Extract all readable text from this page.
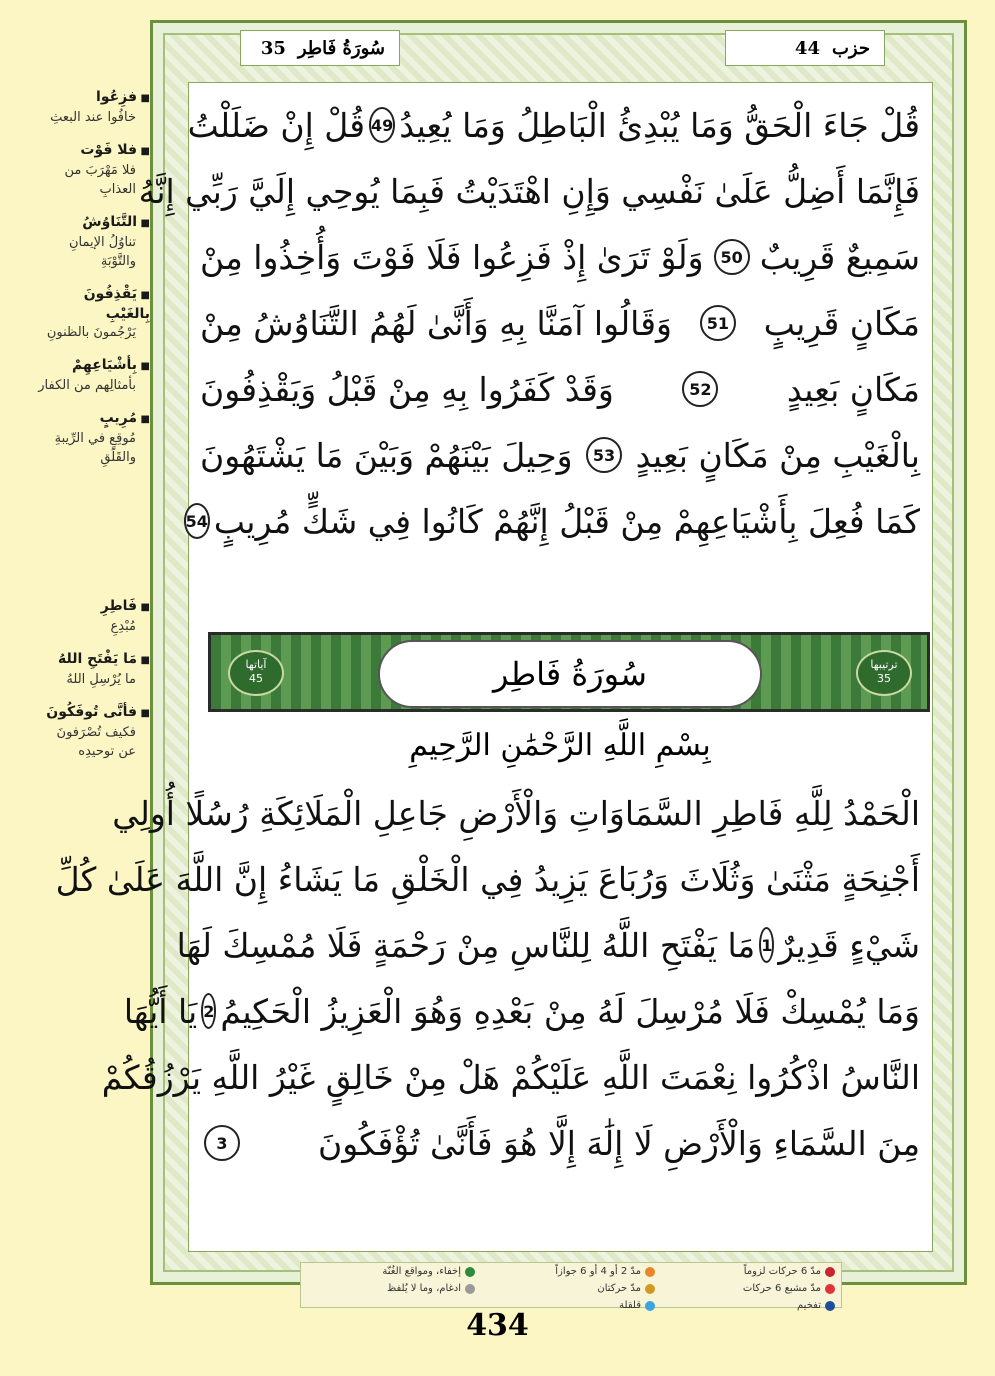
■ فزِعُوا
خافُوا عند البعثِ
■ فلا فَوْت
فلا مَهْرَبَ من العذابِ
■ التَّنَاوُشُ
تناوُلُ الإيمانِ والتَّوْبَةِ
■ يَقْذِفُونَ بِالغَيْبِ
يَرْجُمونَ بالظنونِ
■ بِأشْيَاعِهِمْ
بأمثالِهم من الكفار
■ مُرِيبٍ
مُوقِعٍ في الرِّيبةِ والقَلَقِ
■ فَاطِرِ
مُبْدِعِ
■ مَا يَفْتَحِ اللهُ
ما يُرْسِلِ اللهُ
■ فأنَّى تُوفَكُونَ
فكيف تُصْرَفونَ عن توحيدِه
حزب
44
سُورَةُ فَاطِر
35
قُلْ جَاءَ الْحَقُّ وَمَا يُبْدِئُ الْبَاطِلُ وَمَا يُعِيدُ
49
قُلْ إِنْ ضَلَلْتُ
فَإِنَّمَا أَضِلُّ عَلَىٰ نَفْسِي وَإِنِ اهْتَدَيْتُ فَبِمَا يُوحِي إِلَيَّ رَبِّي إِنَّهُ
سَمِيعٌ قَرِيبٌ
50
وَلَوْ تَرَىٰ إِذْ فَزِعُوا فَلَا فَوْتَ وَأُخِذُوا مِنْ
مَكَانٍ قَرِيبٍ
51
وَقَالُوا آمَنَّا بِهِ وَأَنَّىٰ لَهُمُ التَّنَاوُشُ مِنْ
مَكَانٍ بَعِيدٍ
52
وَقَدْ كَفَرُوا بِهِ مِنْ قَبْلُ وَيَقْذِفُونَ
بِالْغَيْبِ مِنْ مَكَانٍ بَعِيدٍ
53
وَحِيلَ بَيْنَهُمْ وَبَيْنَ مَا يَشْتَهُونَ
كَمَا فُعِلَ بِأَشْيَاعِهِمْ مِنْ قَبْلُ إِنَّهُمْ كَانُوا فِي شَكٍّ مُرِيبٍ
54
آياتها
45
ترتيبها
35
سُورَةُ فَاطِر
بِسْمِ اللَّهِ الرَّحْمَٰنِ الرَّحِيمِ
الْحَمْدُ لِلَّهِ فَاطِرِ السَّمَاوَاتِ وَالْأَرْضِ جَاعِلِ الْمَلَائِكَةِ رُسُلًا أُولِي
أَجْنِحَةٍ مَثْنَىٰ وَثُلَاثَ وَرُبَاعَ يَزِيدُ فِي الْخَلْقِ مَا يَشَاءُ إِنَّ اللَّهَ عَلَىٰ كُلِّ
شَيْءٍ قَدِيرٌ
1
مَا يَفْتَحِ اللَّهُ لِلنَّاسِ مِنْ رَحْمَةٍ فَلَا مُمْسِكَ لَهَا
وَمَا يُمْسِكْ فَلَا مُرْسِلَ لَهُ مِنْ بَعْدِهِ وَهُوَ الْعَزِيزُ الْحَكِيمُ
2
يَا أَيُّهَا
النَّاسُ اذْكُرُوا نِعْمَتَ اللَّهِ عَلَيْكُمْ هَلْ مِنْ خَالِقٍ غَيْرُ اللَّهِ يَرْزُقُكُمْ
مِنَ السَّمَاءِ وَالْأَرْضِ لَا إِلَٰهَ إِلَّا هُوَ فَأَنَّىٰ تُؤْفَكُونَ
3
مدّ 6 حركات لزوماً
مدّ 2 أو 4 أو 6 جوازاً
إخفاء، ومواقع الغُنّة
مدّ مشبع 6 حركات
مدّ حركتان
ادغام، وما لا يُلفظ
تفخيم
قلقلة
434
